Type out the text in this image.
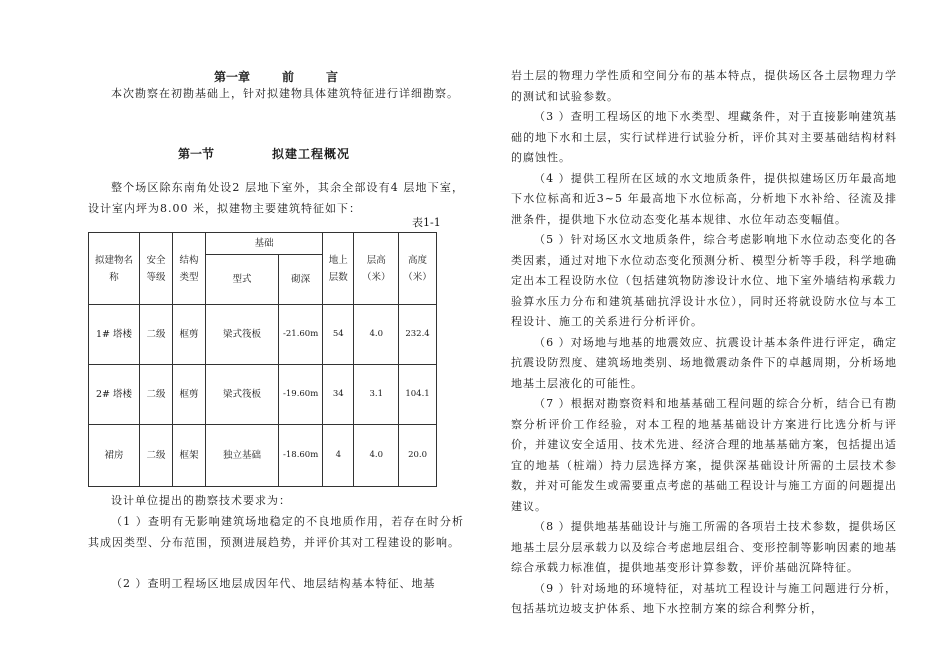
第一章	前	言

本次勘察在初勘基础上，针对拟建物具体建筑特征进行详细勘察。

整个场区除东南角处设2 层地下室外，其余全部设有4 层地下室，设计室内坪为8.00 米，拟建物主要建筑特征如下：

设计单位提出的勘察技术要求为：

（1 ）查明有无影响建筑场地稳定的不良地质作用，若存在时分析其成因类型、分布范围，预测进展趋势，并评价其对工程建设的影响。

（2 ）查明工程场区地层成因年代、地层结构基本特征、地基

第一节	拟建工程概况
表1-1
拟建物名称	安全等级	结构类型	基础		地上层数	层高（米）	高度（米）
			型式	砌深			
1# 塔楼	二级	框剪	梁式筏板	-21.60m	54	4.0	232.4
2# 塔楼	二级	框剪	梁式筏板	-19.60m	34	3.1	104.1
裙房	二级	框架	独立基础	-18.60m	4	4.0	20.0

岩土层的物理力学性质和空间分布的基本特点，提供场区各土层物理力学的测试和试验参数。

（3 ）查明工程场区的地下水类型、埋藏条件，对于直接影响建筑基础的地下水和土层，实行试样进行试验分析，评价其对主要基础结构材料的腐蚀性。

（4 ）提供工程所在区域的水文地质条件，提供拟建场区历年最高地下水位标高和近3~5 年最高地下水位标高，分析地下水补给、径流及排泄条件，提供地下水位动态变化基本规律、水位年动态变幅值。

（5 ）针对场区水文地质条件，综合考虑影响地下水位动态变化的各类因素，通过对地下水位动态变化预测分析、模型分析等手段，科学地确定出本工程设防水位（包括建筑物防渗设计水位、地下室外墙结构承载力验算水压力分布和建筑基础抗浮设计水位），同时还将就设防水位与本工程设计、施工的关系进行分析评价。

（6 ）对场地与地基的地震效应、抗震设计基本条件进行评定，确定抗震设防烈度、建筑场地类别、场地微震动条件下的卓越周期，分析场地地基土层液化的可能性。

（7 ）根据对勘察资料和地基基础工程问题的综合分析，结合已有勘察分析评价工作经验，对本工程的地基基础设计方案进行比选分析与评价，并建议安全适用、技术先进、经济合理的地基基础方案，包括提出适宜的地基（桩端）持力层选择方案，提供深基础设计所需的土层技术参数，并对可能发生或需要重点考虑的基础工程设计与施工方面的问题提出建议。

（8 ）提供地基基础设计与施工所需的各项岩土技术参数，提供场区地基土层分层承载力以及综合考虑地层组合、变形控制等影响因素的地基综合承载力标准值，提供地基变形计算参数，评价基础沉降特征。

（9 ）针对场地的环境特征，对基坑工程设计与施工问题进行分析，包括基坑边坡支护体系、地下水控制方案的综合利弊分析，
